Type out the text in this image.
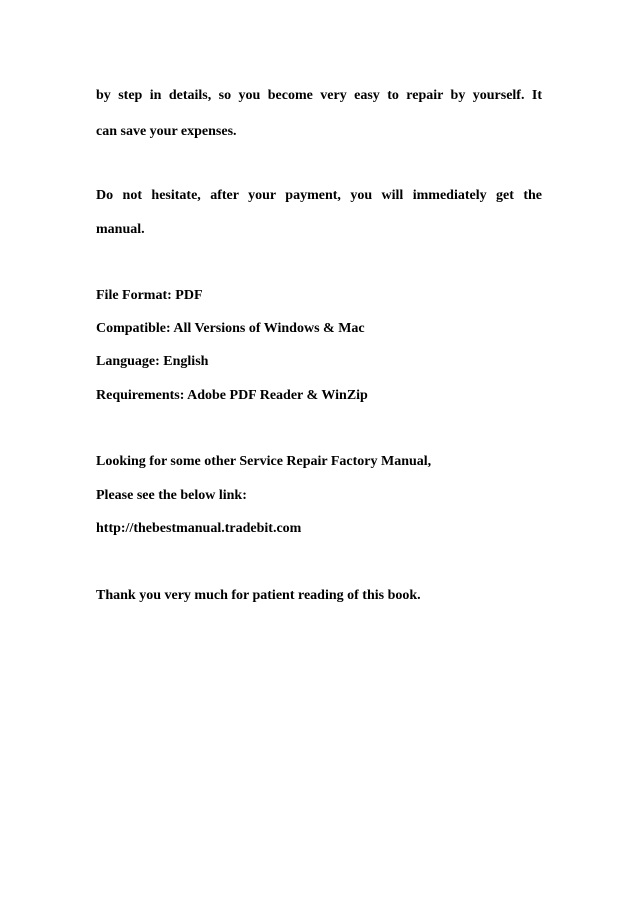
by step in details, so you become very easy to repair by yourself. It

can save your expenses.

Do not hesitate, after your payment, you will immediately get the

manual.

File Format: PDF

Compatible: All Versions of Windows & Mac

Language: English

Requirements: Adobe PDF Reader & WinZip

Looking for some other Service Repair Factory Manual,

Please see the below link:

http://thebestmanual.tradebit.com

Thank you very much for patient reading of this book.
